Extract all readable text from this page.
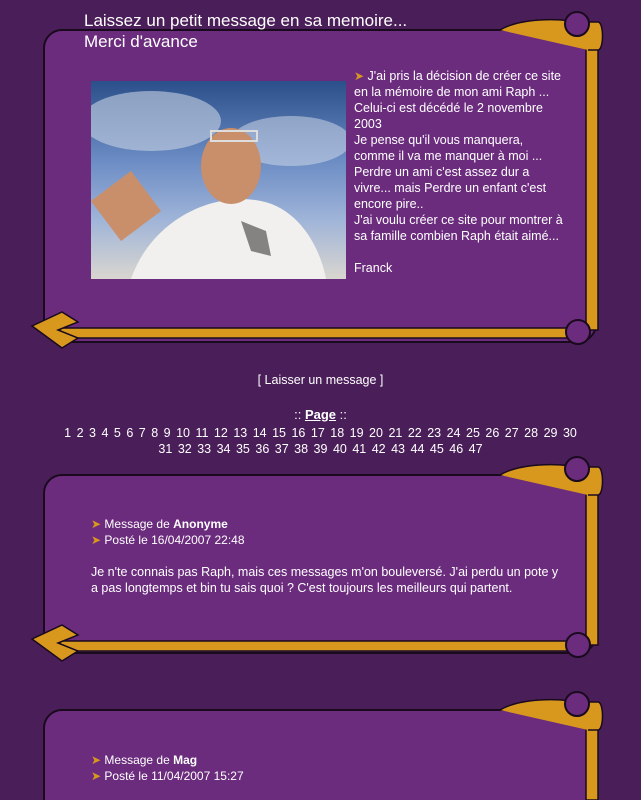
Laissez un petit message en sa memoire...
Merci d'avance

➤ J'ai pris la décision de créer ce site en la mémoire de mon ami Raph ... Celui-ci est décédé le 2 novembre 2003

Je pense qu'il vous manquera, comme il va me manquer à moi ...

Perdre un ami c'est assez dur a vivre... mais Perdre un enfant c'est encore pire..

J'ai voulu créer ce site pour montrer à sa famille combien Raph était aimé...

Franck

[ Laisser un message ]
:: Page ::
1 2 3 4 5 6 7 8 9 10 11 12 13 14 15 16 17 18 19 20 21 22 23 24 25 26 27 28 29 30
31 32 33 34 35 36 37 38 39 40 41 42 43 44 45 46 47
➤ Message de Anonyme
➤ Posté le 16/04/2007 22:48
Je n'te connais pas Raph, mais ces messages m'on bouleversé. J'ai perdu un pote y a pas longtemps et bin tu sais quoi ? C'est toujours les meilleurs qui partent.
➤ Message de Mag
➤ Posté le 11/04/2007 15:27
